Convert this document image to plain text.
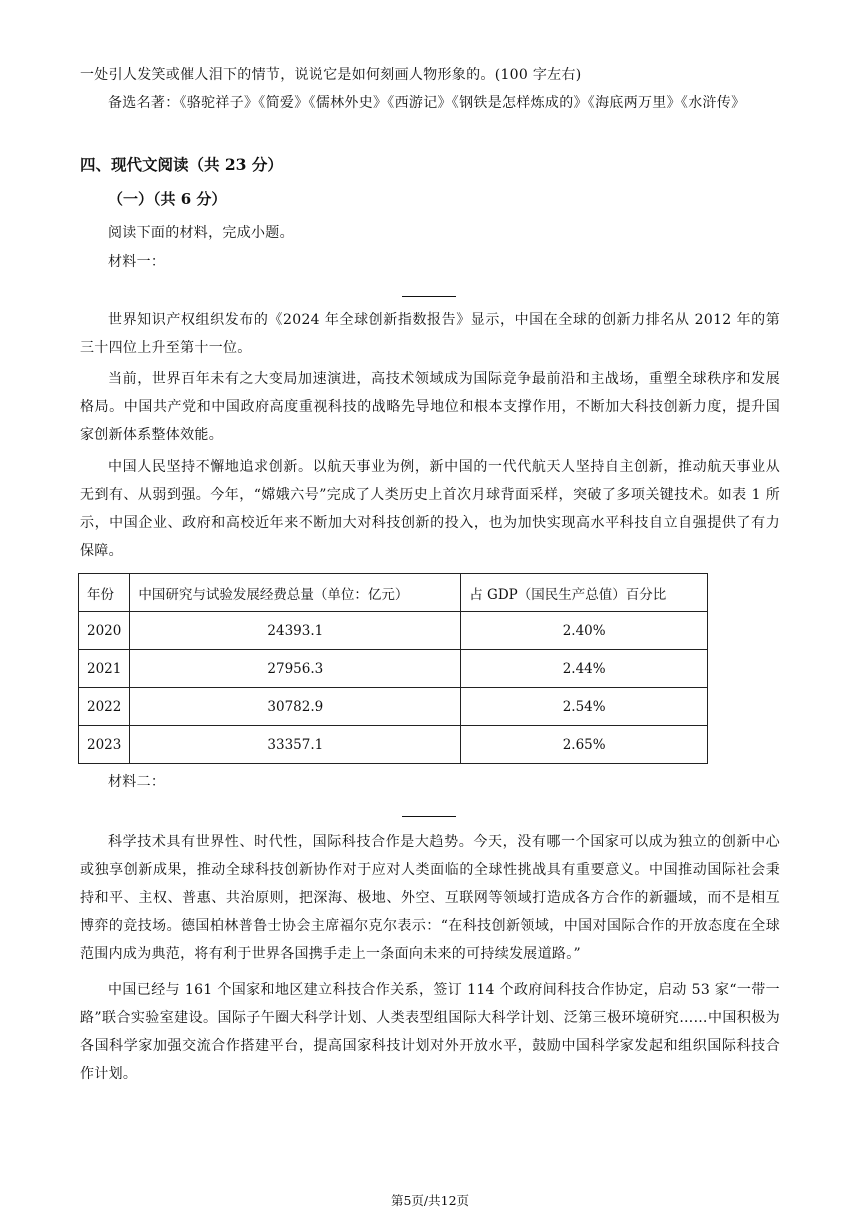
一处引人发笑或催人泪下的情节，说说它是如何刻画人物形象的。(100 字左右)

备选名著：《骆驼祥子》《简爱》《儒林外史》《西游记》《钢铁是怎样炼成的》《海底两万里》《水浒传》

四、现代文阅读（共 23 分）
（一）（共 6 分）

阅读下面的材料，完成小题。

材料一：

世界知识产权组织发布的《2024 年全球创新指数报告》显示，中国在全球的创新力排名从 2012 年的第三十四位上升至第十一位。

当前，世界百年未有之大变局加速演进，高技术领域成为国际竞争最前沿和主战场，重塑全球秩序和发展格局。中国共产党和中国政府高度重视科技的战略先导地位和根本支撑作用，不断加大科技创新力度，提升国家创新体系整体效能。

中国人民坚持不懈地追求创新。以航天事业为例，新中国的一代代航天人坚持自主创新，推动航天事业从无到有、从弱到强。今年，“嫦娥六号”完成了人类历史上首次月球背面采样，突破了多项关键技术。如表 1 所示，中国企业、政府和高校近年来不断加大对科技创新的投入，也为加快实现高水平科技自立自强提供了有力保障。

年份	中国研究与试验发展经费总量（单位：亿元）	占 GDP（国民生产总值）百分比
2020	24393.1	2.40%
2021	27956.3	2.44%
2022	30782.9	2.54%
2023	33357.1	2.65%

材料二：

科学技术具有世界性、时代性，国际科技合作是大趋势。今天，没有哪一个国家可以成为独立的创新中心或独享创新成果，推动全球科技创新协作对于应对人类面临的全球性挑战具有重要意义。中国推动国际社会秉持和平、主权、普惠、共治原则，把深海、极地、外空、互联网等领域打造成各方合作的新疆域，而不是相互博弈的竞技场。德国柏林普鲁士协会主席福尔克尔表示：“在科技创新领域，中国对国际合作的开放态度在全球范围内成为典范，将有利于世界各国携手走上一条面向未来的可持续发展道路。”

中国已经与 161 个国家和地区建立科技合作关系，签订 114 个政府间科技合作协定，启动 53 家“一带一路”联合实验室建设。国际子午圈大科学计划、人类表型组国际大科学计划、泛第三极环境研究……中国积极为各国科学家加强交流合作搭建平台，提高国家科技计划对外开放水平，鼓励中国科学家发起和组织国际科技合作计划。

第5页/共12页
